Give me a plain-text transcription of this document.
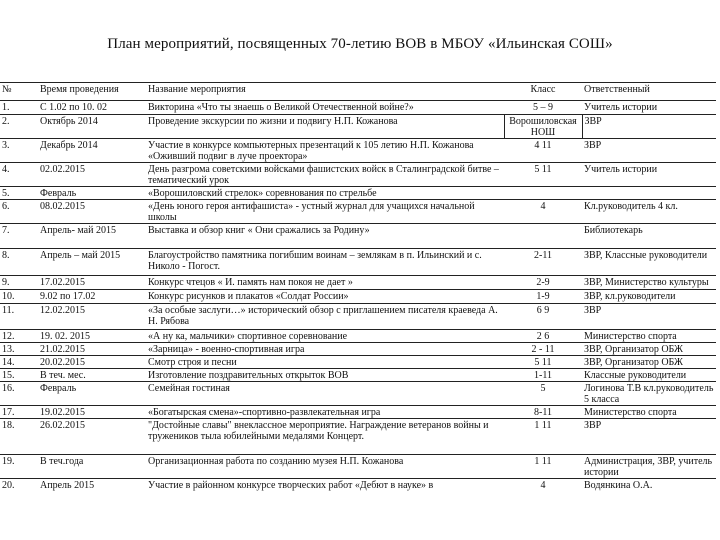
План мероприятий, посвященных 70-летию ВОВ в МБОУ «Ильинская СОШ»
№	Время проведения	Название мероприятия	Класс	Ответственный
1.	С 1.02 по 10. 02	Викторина «Что ты знаешь о Великой Отечественной войне?»	5 – 9	Учитель истории
2.	Октябрь 2014	Проведение экскурсии по жизни и подвигу Н.П. Кожанова	Ворошиловская НОШ	ЗВР
3.	Декабрь 2014	Участие в конкурсе компьютерных презентаций к 105 летию Н.П. Кожанова «Оживший подвиг в луче проектора»	4 11	ЗВР
4.	02.02.2015	День разгрома советскими войсками фашистских войск в Сталинградской битве – тематический урок	5 11	Учитель истории
5.	Февраль	«Ворошиловский стрелок» соревнования по стрельбе		
6.	08.02.2015	«День юного героя антифашиста» - устный журнал для учащихся начальной школы	4	Кл.руководитель 4 кл.
7.	Апрель- май 2015	Выставка и обзор книг « Они сражались за Родину»		Библиотекарь
8.	Апрель – май 2015	Благоустройство памятника погибшим воинам – землякам в п. Ильинский и с. Николо - Погост.	2-11	ЗВР, Классные руководители
9.	17.02.2015	Конкурс чтецов « И. память нам покоя не дает »	2-9	ЗВР, Министерство культуры
10.	9.02 по 17.02	Конкурс рисунков и плакатов «Солдат России»	1-9	ЗВР, кл.руководители
11.	12.02.2015	«За особые заслуги…» исторический обзор с приглашением писателя краеведа А. Н. Рябова	6 9	ЗВР
12.	19. 02. 2015	«А ну ка, мальчики» спортивное соревнование	2 6	Министерство спорта
13.	21.02.2015	«Зарница» - военно-спортивная игра	2 - 11	ЗВР, Организатор ОБЖ
14.	20.02.2015	Смотр строя и песни	5 11	ЗВР, Организатор ОБЖ
15.	В теч. мес.	Изготовление поздравительных открыток ВОВ	1-11	Классные руководители
16.	Февраль	Семейная гостиная	5	Логинова Т.В кл.руководитель 5 класса
17.	19.02.2015	«Богатырская смена»-спортивно-развлекательная игра	8-11	Министерство спорта
18.	26.02.2015	"Достойные славы" внеклассное мероприятие. Награждение ветеранов войны и тружеников тыла юбилейными медалями Концерт.	1 11	ЗВР
19.	В теч.года	Организационная работа по созданию музея Н.П. Кожанова	1 11	Администрация, ЗВР, учитель истории
20.	Апрель 2015	Участие в районном конкурсе творческих работ «Дебют в науке» в	4	Водянкина О.А.
